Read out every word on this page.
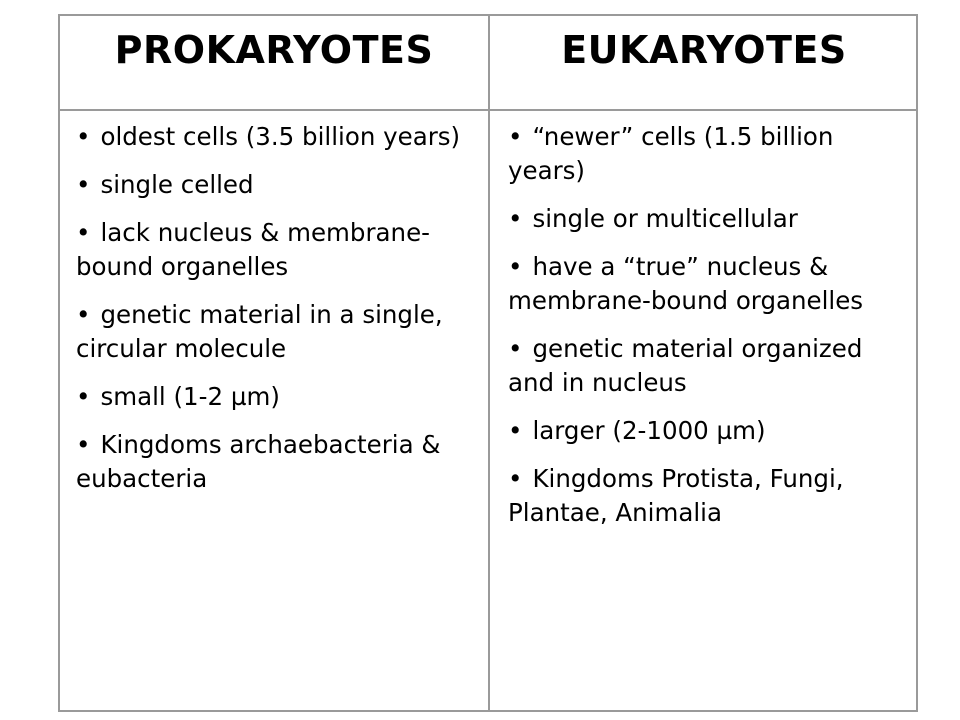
PROKARYOTES	EUKARYOTES
• oldest cells (3.5 billion years)
• single celled
• lack nucleus & membrane-bound organelles
• genetic material in a single, circular molecule
• small (1-2 µm)
• Kingdoms archaebacteria & eubacteria
• “newer” cells (1.5 billion years)
• single or multicellular
• have a “true” nucleus & membrane-bound organelles
• genetic material organized and in nucleus
• larger (2-1000 µm)
• Kingdoms Protista, Fungi, Plantae, Animalia
